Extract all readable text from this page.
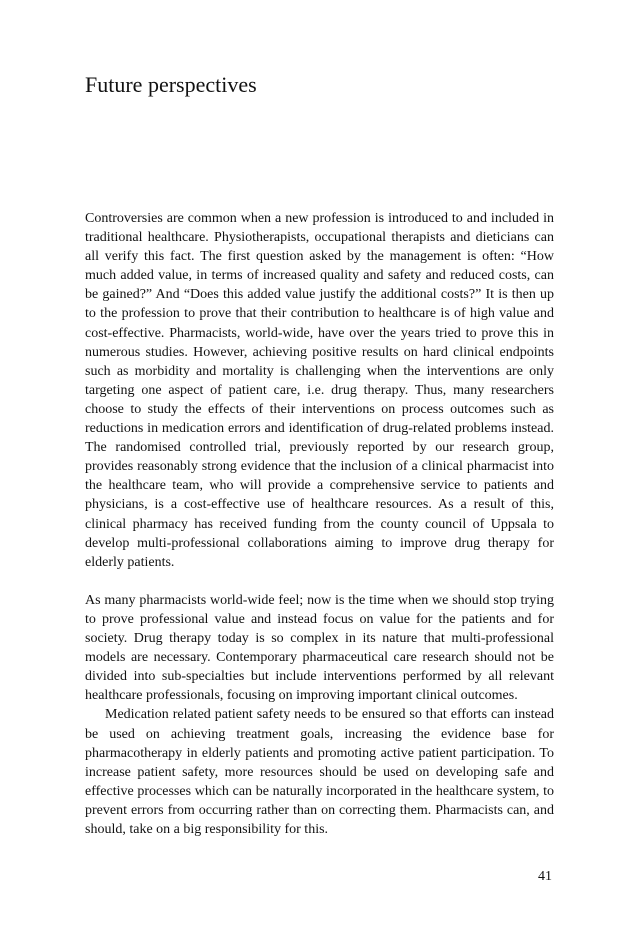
Future perspectives

Controversies are common when a new profession is introduced to and included in traditional healthcare. Physiotherapists, occupational therapists and dieticians can all verify this fact. The first question asked by the management is often: “How much added value, in terms of increased quality and safety and reduced costs, can be gained?” And “Does this added value justify the additional costs?” It is then up to the profession to prove that their contribution to healthcare is of high value and cost-effective. Pharmacists, world-wide, have over the years tried to prove this in numerous studies. However, achieving positive results on hard clinical endpoints such as morbidity and mortality is challenging when the interventions are only targeting one aspect of patient care, i.e. drug therapy. Thus, many researchers choose to study the effects of their interventions on process outcomes such as reductions in medication errors and identification of drug-related problems instead. The randomised controlled trial, previously reported by our research group, provides reasonably strong evidence that the inclusion of a clinical pharmacist into the healthcare team, who will provide a comprehensive service to patients and physicians, is a cost-effective use of healthcare resources. As a result of this, clinical pharmacy has received funding from the county council of Uppsala to develop multi-professional collaborations aiming to improve drug therapy for elderly patients.

As many pharmacists world-wide feel; now is the time when we should stop trying to prove professional value and instead focus on value for the patients and for society. Drug therapy today is so complex in its nature that multi-professional models are necessary. Contemporary pharmaceutical care research should not be divided into sub-specialties but include interventions performed by all relevant healthcare professionals, focusing on improving important clinical outcomes.

Medication related patient safety needs to be ensured so that efforts can instead be used on achieving treatment goals, increasing the evidence base for pharmacotherapy in elderly patients and promoting active patient participation. To increase patient safety, more resources should be used on developing safe and effective processes which can be naturally incorporated in the healthcare system, to prevent errors from occurring rather than on correcting them. Pharmacists can, and should, take on a big responsibility for this.

41
